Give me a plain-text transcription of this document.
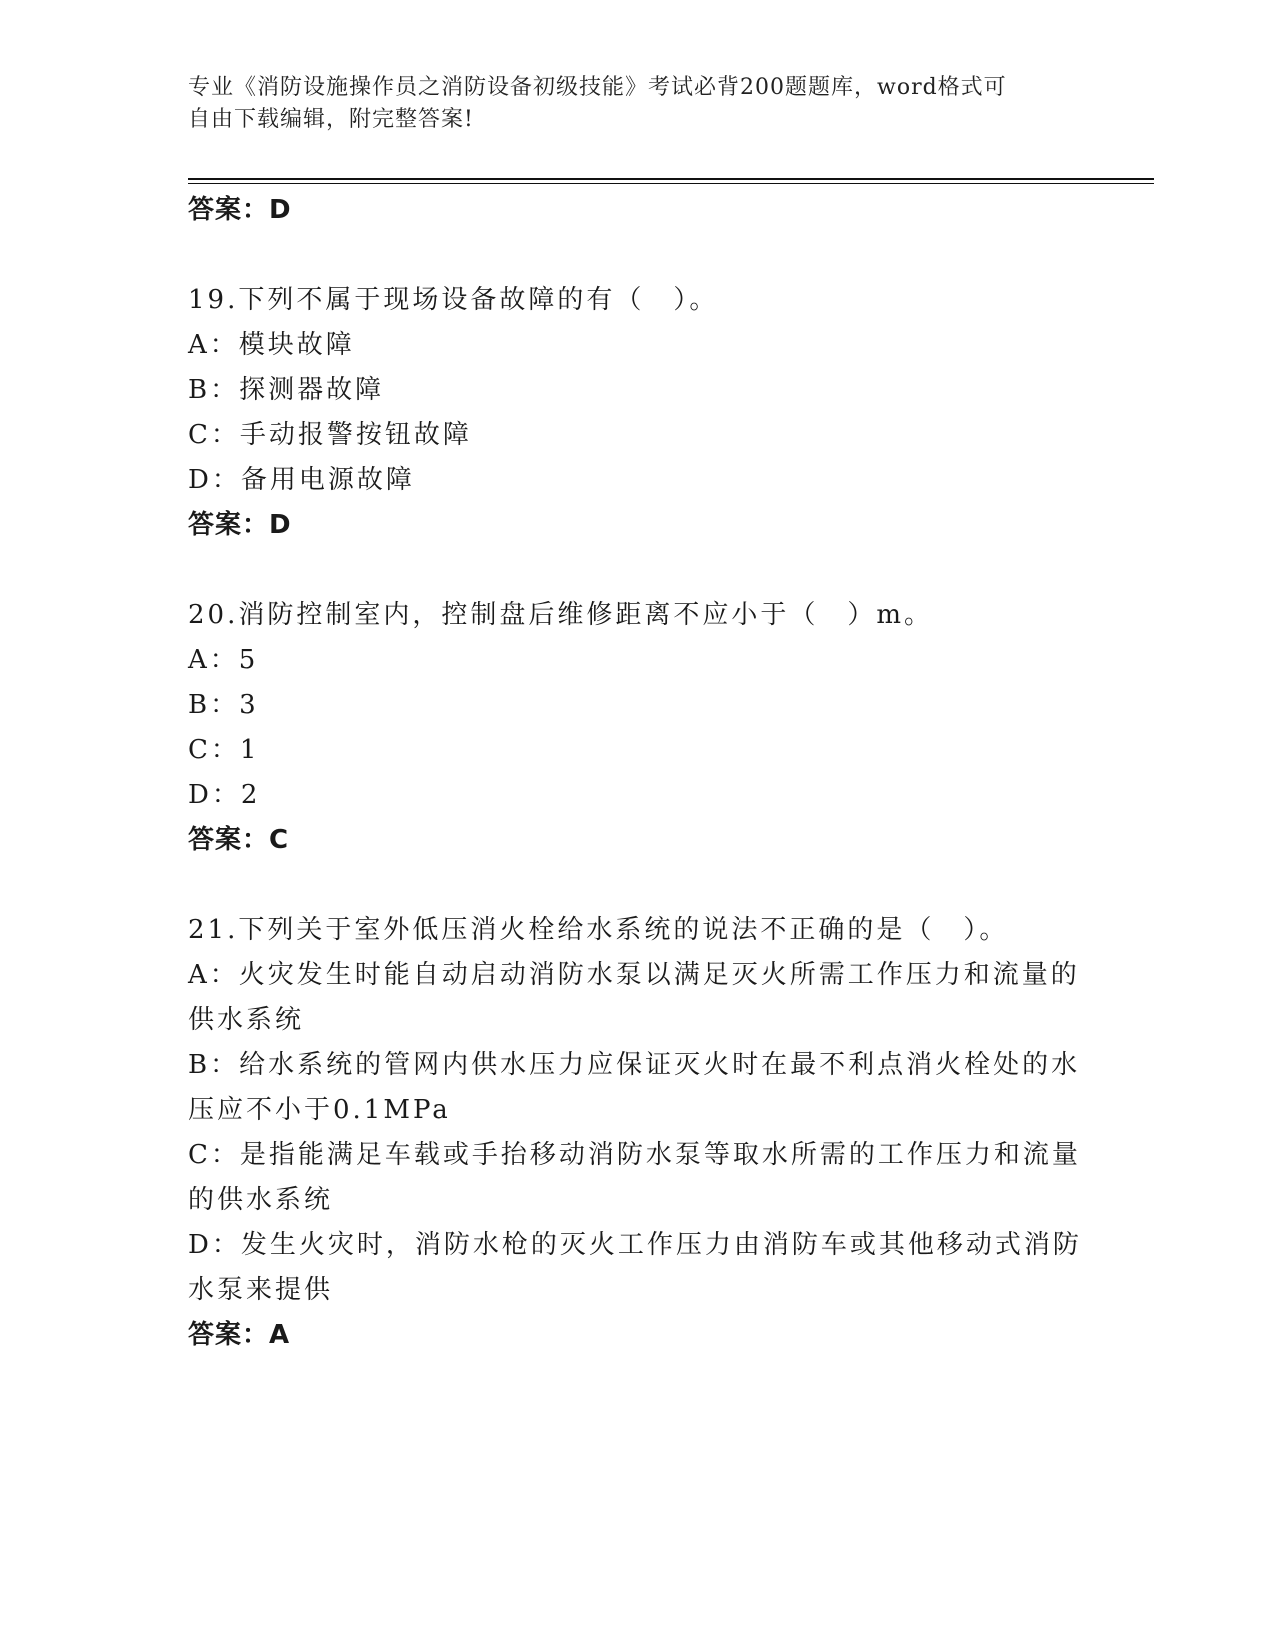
专业《消防设施操作员之消防设备初级技能》考试必背200题题库，word格式可
自由下载编辑，附完整答案!
答案：D
19.下列不属于现场设备故障的有（　）。
A：模块故障
B：探测器故障
C：手动报警按钮故障
D：备用电源故障
答案：D
20.消防控制室内，控制盘后维修距离不应小于（　）m。
A：5
B：3
C：1
D：2
答案：C
21.下列关于室外低压消火栓给水系统的说法不正确的是（　）。
A：火灾发生时能自动启动消防水泵以满足灭火所需工作压力和流量的
供水系统
B：给水系统的管网内供水压力应保证灭火时在最不利点消火栓处的水
压应不小于0.1MPa
C：是指能满足车载或手抬移动消防水泵等取水所需的工作压力和流量
的供水系统
D：发生火灾时，消防水枪的灭火工作压力由消防车或其他移动式消防
水泵来提供
答案：A
